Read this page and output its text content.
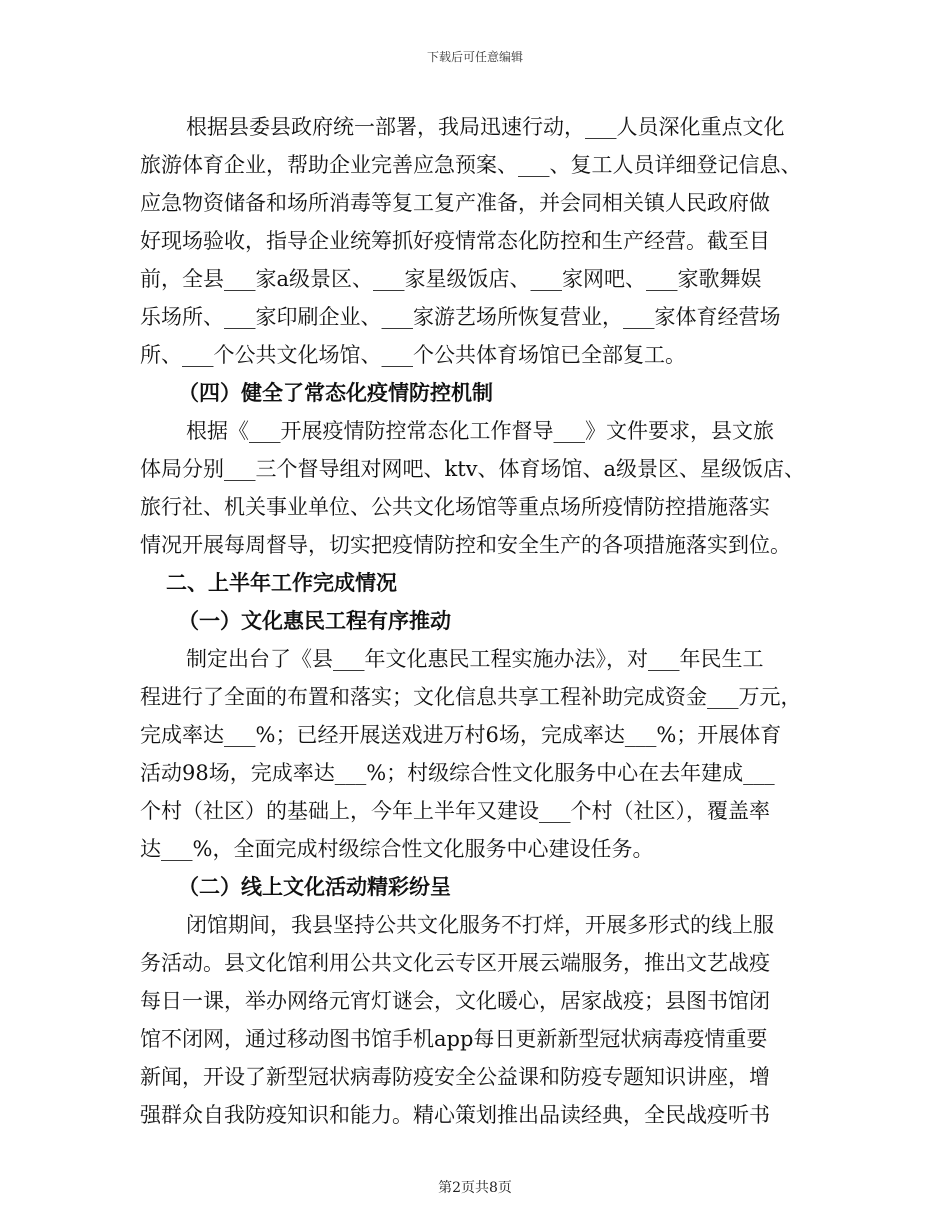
下载后可任意编辑
根据县委县政府统一部署，我局迅速行动，___人员深化重点文化
旅游体育企业，帮助企业完善应急预案、___、复工人员详细登记信息、
应急物资储备和场所消毒等复工复产准备，并会同相关镇人民政府做
好现场验收，指导企业统筹抓好疫情常态化防控和生产经营。截至目
前，全县___家a级景区、___家星级饭店、___家网吧、___家歌舞娱
乐场所、___家印刷企业、___家游艺场所恢复营业，___家体育经营场
所、___个公共文化场馆、___个公共体育场馆已全部复工。
（四）健全了常态化疫情防控机制
根据《___开展疫情防控常态化工作督导___》文件要求，县文旅
体局分别___三个督导组对网吧、ktv、体育场馆、a级景区、星级饭店、
旅行社、机关事业单位、公共文化场馆等重点场所疫情防控措施落实
情况开展每周督导，切实把疫情防控和安全生产的各项措施落实到位。
二、上半年工作完成情况
（一）文化惠民工程有序推动
制定出台了《县___年文化惠民工程实施办法》，对___年民生工
程进行了全面的布置和落实；文化信息共享工程补助完成资金___万元，
完成率达___%；已经开展送戏进万村6场，完成率达___%；开展体育
活动98场，完成率达___%；村级综合性文化服务中心在去年建成___
个村（社区）的基础上，今年上半年又建设___个村（社区），覆盖率
达___%，全面完成村级综合性文化服务中心建设任务。
（二）线上文化活动精彩纷呈
闭馆期间，我县坚持公共文化服务不打烊，开展多形式的线上服
务活动。县文化馆利用公共文化云专区开展云端服务，推出文艺战疫
每日一课，举办网络元宵灯谜会，文化暖心，居家战疫；县图书馆闭
馆不闭网，通过移动图书馆手机app每日更新新型冠状病毒疫情重要
新闻，开设了新型冠状病毒防疫安全公益课和防疫专题知识讲座，增
强群众自我防疫知识和能力。精心策划推出品读经典，全民战疫听书
第2页共8页
